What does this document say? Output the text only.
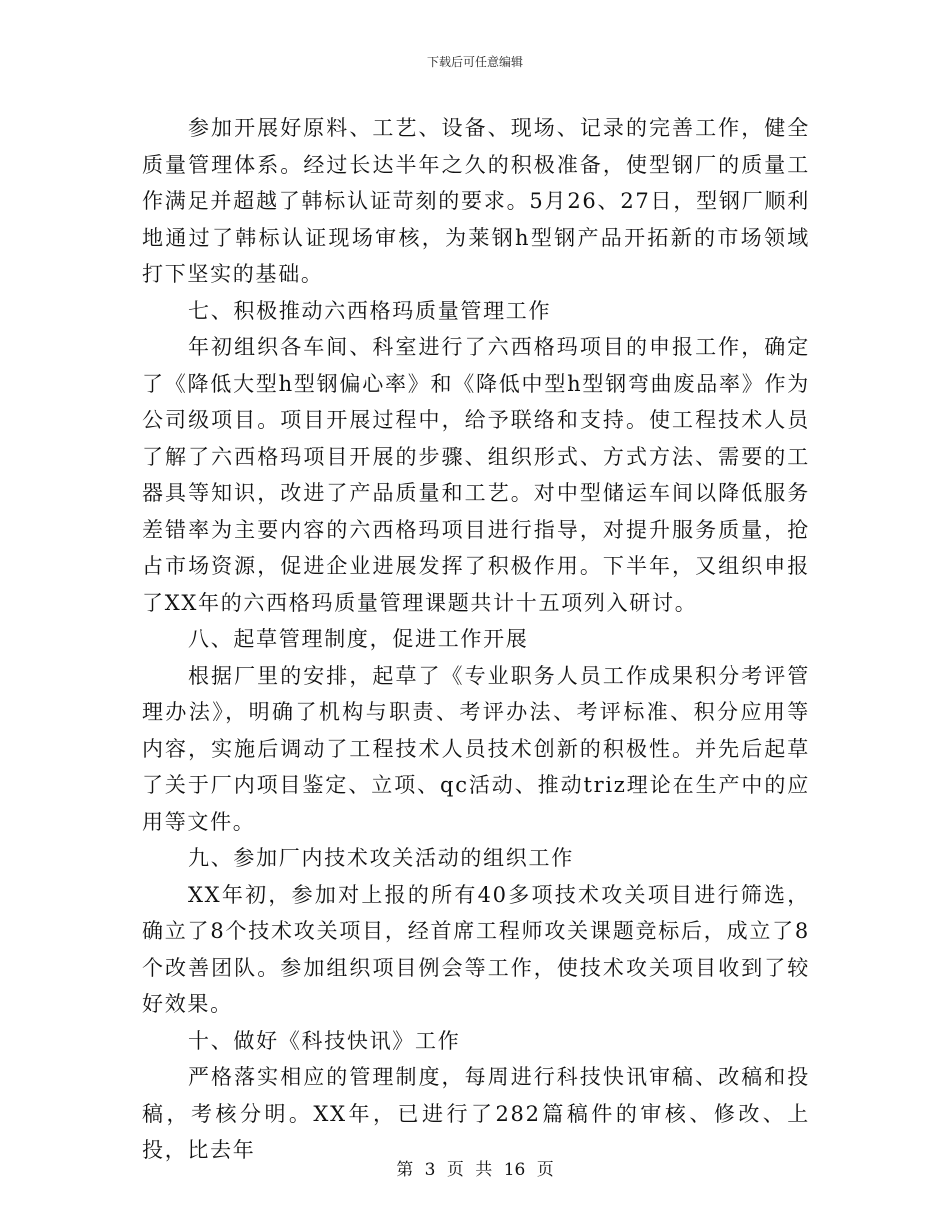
下载后可任意编辑

参加开展好原料、工艺、设备、现场、记录的完善工作，健全质量管理体系。经过长达半年之久的积极准备，使型钢厂的质量工作满足并超越了韩标认证苛刻的要求。5月26、27日，型钢厂顺利地通过了韩标认证现场审核，为莱钢h型钢产品开拓新的市场领域打下坚实的基础。

七、积极推动六西格玛质量管理工作

年初组织各车间、科室进行了六西格玛项目的申报工作，确定了《降低大型h型钢偏心率》和《降低中型h型钢弯曲废品率》作为公司级项目。项目开展过程中，给予联络和支持。使工程技术人员了解了六西格玛项目开展的步骤、组织形式、方式方法、需要的工器具等知识，改进了产品质量和工艺。对中型储运车间以降低服务差错率为主要内容的六西格玛项目进行指导，对提升服务质量，抢占市场资源，促进企业进展发挥了积极作用。下半年，又组织申报了XX年的六西格玛质量管理课题共计十五项列入研讨。

八、起草管理制度，促进工作开展

根据厂里的安排，起草了《专业职务人员工作成果积分考评管理办法》，明确了机构与职责、考评办法、考评标准、积分应用等内容，实施后调动了工程技术人员技术创新的积极性。并先后起草了关于厂内项目鉴定、立项、qc活动、推动triz理论在生产中的应用等文件。

九、参加厂内技术攻关活动的组织工作

XX年初，参加对上报的所有40多项技术攻关项目进行筛选，确立了8个技术攻关项目，经首席工程师攻关课题竞标后，成立了8个改善团队。参加组织项目例会等工作，使技术攻关项目收到了较好效果。

十、做好《科技快讯》工作

严格落实相应的管理制度，每周进行科技快讯审稿、改稿和投稿，考核分明。XX年，已进行了282篇稿件的审核、修改、上投，比去年

第 3 页 共 16 页
